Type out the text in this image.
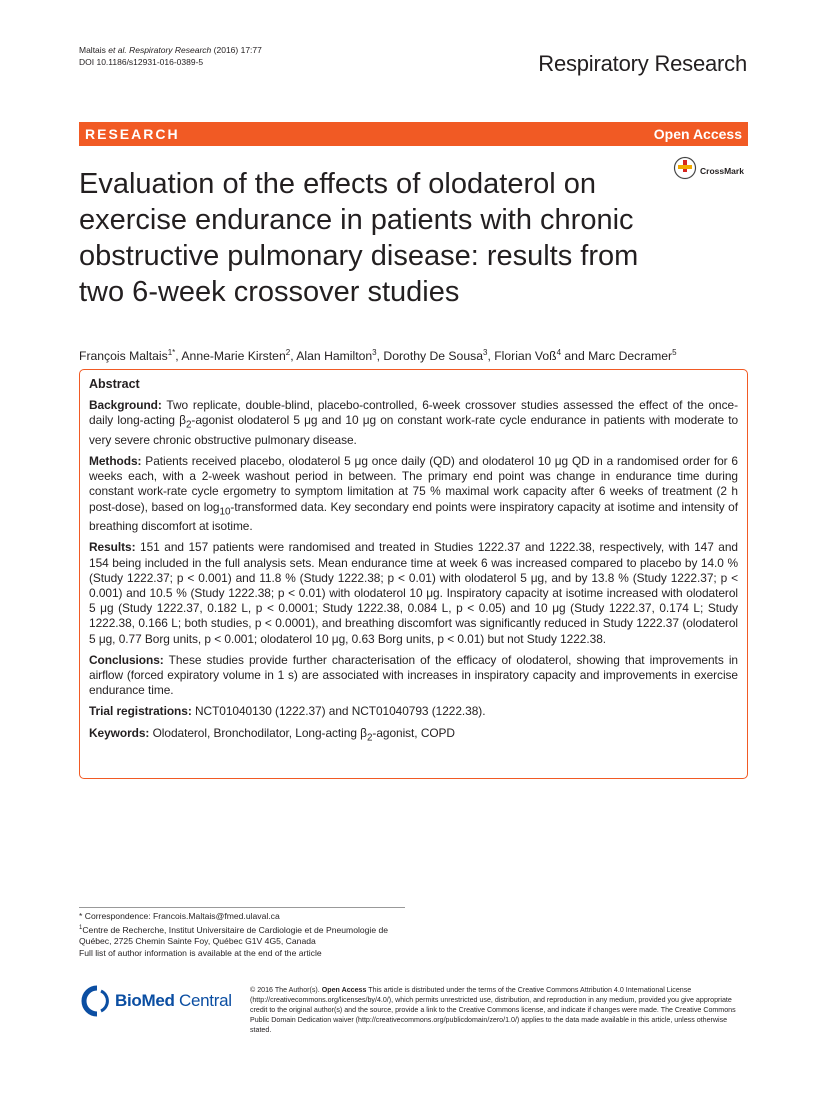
Maltais et al. Respiratory Research (2016) 17:77
DOI 10.1186/s12931-016-0389-5	Respiratory Research
RESEARCH	Open Access
Evaluation of the effects of olodaterol on exercise endurance in patients with chronic obstructive pulmonary disease: results from two 6-week crossover studies
CrossMark
François Maltais$^{1*}$, Anne-Marie Kirsten$^2$, Alan Hamilton$^3$, Dorothy De Sousa$^3$, Florian Voß$^4$ and Marc Decramer$^5$
Abstract

Background: Two replicate, double-blind, placebo-controlled, 6-week crossover studies assessed the effect of the once-daily long-acting $\beta_2$-agonist olodaterol 5 μg and 10 μg on constant work-rate cycle endurance in patients with moderate to very severe chronic obstructive pulmonary disease.

Methods: Patients received placebo, olodaterol 5 μg once daily (QD) and olodaterol 10 μg QD in a randomised order for 6 weeks each, with a 2-week washout period in between. The primary end point was change in endurance time during constant work-rate cycle ergometry to symptom limitation at 75 % maximal work capacity after 6 weeks of treatment (2 h post-dose), based on $\log_{10}$-transformed data. Key secondary end points were inspiratory capacity at isotime and intensity of breathing discomfort at isotime.

Results: 151 and 157 patients were randomised and treated in Studies 1222.37 and 1222.38, respectively, with 147 and 154 being included in the full analysis sets. Mean endurance time at week 6 was increased compared to placebo by 14.0 % (Study 1222.37; p < 0.001) and 11.8 % (Study 1222.38; p < 0.01) with olodaterol 5 μg, and by 13.8 % (Study 1222.37; p < 0.001) and 10.5 % (Study 1222.38; p < 0.01) with olodaterol 10 μg. Inspiratory capacity at isotime increased with olodaterol 5 μg (Study 1222.37, 0.182 L, p < 0.0001; Study 1222.38, 0.084 L, p < 0.05) and 10 μg (Study 1222.37, 0.174 L; Study 1222.38, 0.166 L; both studies, p < 0.0001), and breathing discomfort was significantly reduced in Study 1222.37 (olodaterol 5 μg, 0.77 Borg units, p < 0.001; olodaterol 10 μg, 0.63 Borg units, p < 0.01) but not Study 1222.38.

Conclusions: These studies provide further characterisation of the efficacy of olodaterol, showing that improvements in airflow (forced expiratory volume in 1 s) are associated with increases in inspiratory capacity and improvements in exercise endurance time.

Trial registrations: NCT01040130 (1222.37) and NCT01040793 (1222.38).

Keywords: Olodaterol, Bronchodilator, Long-acting $\beta_2$-agonist, COPD

* Correspondence: Francois.Maltais@fmed.ulaval.ca

$^1$Centre de Recherche, Institut Universitaire de Cardiologie et de Pneumologie de Québec, 2725 Chemin Sainte Foy, Québec G1V 4G5, Canada

Full list of author information is available at the end of the article

BioMed Central
© 2016 The Author(s). Open Access This article is distributed under the terms of the Creative Commons Attribution 4.0 International License (http://creativecommons.org/licenses/by/4.0/), which permits unrestricted use, distribution, and reproduction in any medium, provided you give appropriate credit to the original author(s) and the source, provide a link to the Creative Commons license, and indicate if changes were made. The Creative Commons Public Domain Dedication waiver (http://creativecommons.org/publicdomain/zero/1.0/) applies to the data made available in this article, unless otherwise stated.
